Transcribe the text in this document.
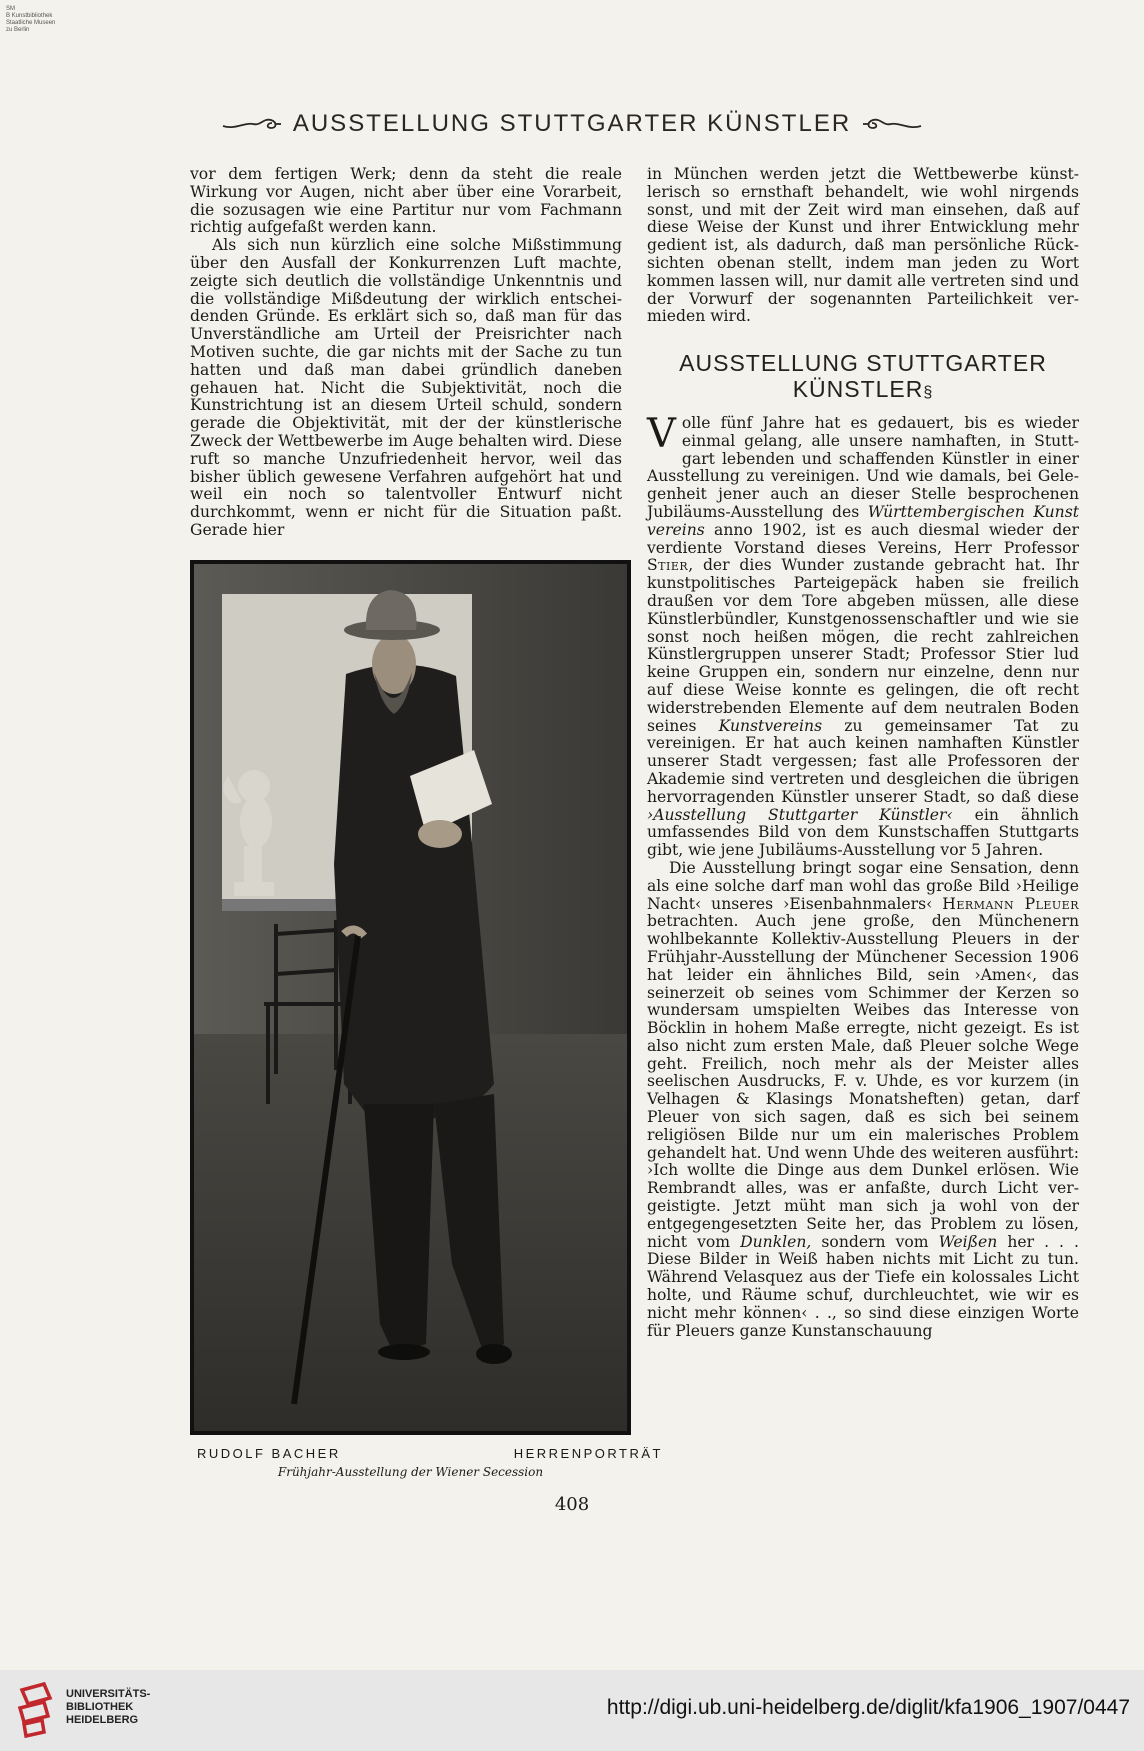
SM
B Kunstbibliothek
Staatliche Museen
zu Berlin
AUSSTELLUNG STUTTGARTER KÜNSTLER

vor dem fertigen Werk; denn da steht die reale Wirkung vor Augen, nicht aber über eine Vorarbeit, die sozusagen wie eine Partitur nur vom Fachmann richtig aufgefaßt werden kann.

Als sich nun kürzlich eine solche Mißstimmung über den Ausfall der Konkurrenzen Luft machte, zeigte sich deutlich die vollständige Unkenntnis und die vollständige Mißdeutung der wirklich entscheidenden Gründe. Es erklärt sich so, daß man für das Unverständliche am Urteil der Preisrichter nach Motiven suchte, die gar nichts mit der Sache zu tun hatten und daß man dabei gründlich daneben gehauen hat. Nicht die Subjektivität, noch die Kunstrichtung ist an diesem Urteil schuld, sondern gerade die Objektivität, mit der der künstlerische Zweck der Wettbewerbe im Auge behalten wird. Diese ruft so manche Unzufriedenheit hervor, weil das bisher üblich gewesene Verfahren aufgehört hat und weil ein noch so talentvoller Entwurf nicht durchkommt, wenn er nicht für die Situation paßt. Gerade hier

in München werden jetzt die Wettbewerbe künstlerisch so ernsthaft behandelt, wie wohl nirgends sonst, und mit der Zeit wird man einsehen, daß auf diese Weise der Kunst und ihrer Entwicklung mehr gedient ist, als dadurch, daß man persönliche Rücksichten obenan stellt, indem man jeden zu Wort kommen lassen will, nur damit alle vertreten sind und der Vorwurf der sogenannten Parteilichkeit vermieden wird.

AUSSTELLUNG STUTTGARTER
KÜNSTLER§

V olle fünf Jahre hat es gedauert, bis es wieder einmal gelang, alle unsere namhaften, in Stuttgart lebenden und schaffenden Künstler in einer Ausstellung zu vereinigen. Und wie damals, bei Gelegenheit jener auch an dieser Stelle besprochenen Jubiläums-Ausstellung des Württembergischen Kunst vereins anno 1902, ist es auch diesmal wieder der verdiente Vorstand dieses Vereins, Herr Professor Stier, der dies Wunder zustande gebracht hat. Ihr kunstpolitisches Parteigepäck haben sie freilich draußen vor dem Tore abgeben müssen, alle diese Künstlerbündler, Kunstgenossenschaftler und wie sie sonst noch heißen mögen, die recht zahlreichen Künstlergruppen unserer Stadt; Professor Stier lud keine Gruppen ein, sondern nur einzelne, denn nur auf diese Weise konnte es gelingen, die oft recht widerstrebenden Elemente auf dem neutralen Boden seines Kunstvereins zu gemeinsamer Tat zu vereinigen. Er hat auch keinen namhaften Künstler unserer Stadt vergessen; fast alle Professoren der Akademie sind vertreten und desgleichen die übrigen hervorragenden Künstler unserer Stadt, so daß diese ›Ausstellung Stuttgarter Künstler‹ ein ähnlich umfassendes Bild von dem Kunstschaffen Stuttgarts gibt, wie jene Jubiläums-Ausstellung vor 5 Jahren.

Die Ausstellung bringt sogar eine Sensation, denn als eine solche darf man wohl das große Bild ›Heilige Nacht‹ unseres ›Eisenbahnmalers‹ Hermann Pleuer betrachten. Auch jene große, den Münchenern wohlbekannte Kollektiv-Ausstellung Pleuers in der Frühjahr-Ausstellung der Münchener Secession 1906 hat leider ein ähnliches Bild, sein ›Amen‹, das seinerzeit ob seines vom Schimmer der Kerzen so wundersam umspielten Weibes das Interesse von Böcklin in hohem Maße erregte, nicht gezeigt. Es ist also nicht zum ersten Male, daß Pleuer solche Wege geht. Freilich, noch mehr als der Meister alles seelischen Ausdrucks, F. v. Uhde, es vor kurzem (in Velhagen & Klasings Monatsheften) getan, darf Pleuer von sich sagen, daß es sich bei seinem religiösen Bilde nur um ein malerisches Problem gehandelt hat. Und wenn Uhde des weiteren ausführt: ›Ich wollte die Dinge aus dem Dunkel erlösen. Wie Rembrandt alles, was er anfaßte, durch Licht vergeistigte. Jetzt müht man sich ja wohl von der entgegengesetzten Seite her, das Problem zu lösen, nicht vom Dunklen, sondern vom Weißen her . . . Diese Bilder in Weiß haben nichts mit Licht zu tun. Während Velasquez aus der Tiefe ein kolossales Licht holte, und Räume schuf, durchleuchtet, wie wir es nicht mehr können‹ . ., so sind diese einzigen Worte für Pleuers ganze Kunstanschauung

RUDOLF BACHER	HERRENPORTRÄT
Frühjahr-Ausstellung der Wiener Secession
408
UNIVERSITÄTS-
BIBLIOTHEK
HEIDELBERG
http://digi.ub.uni-heidelberg.de/diglit/kfa1906_1907/0447
